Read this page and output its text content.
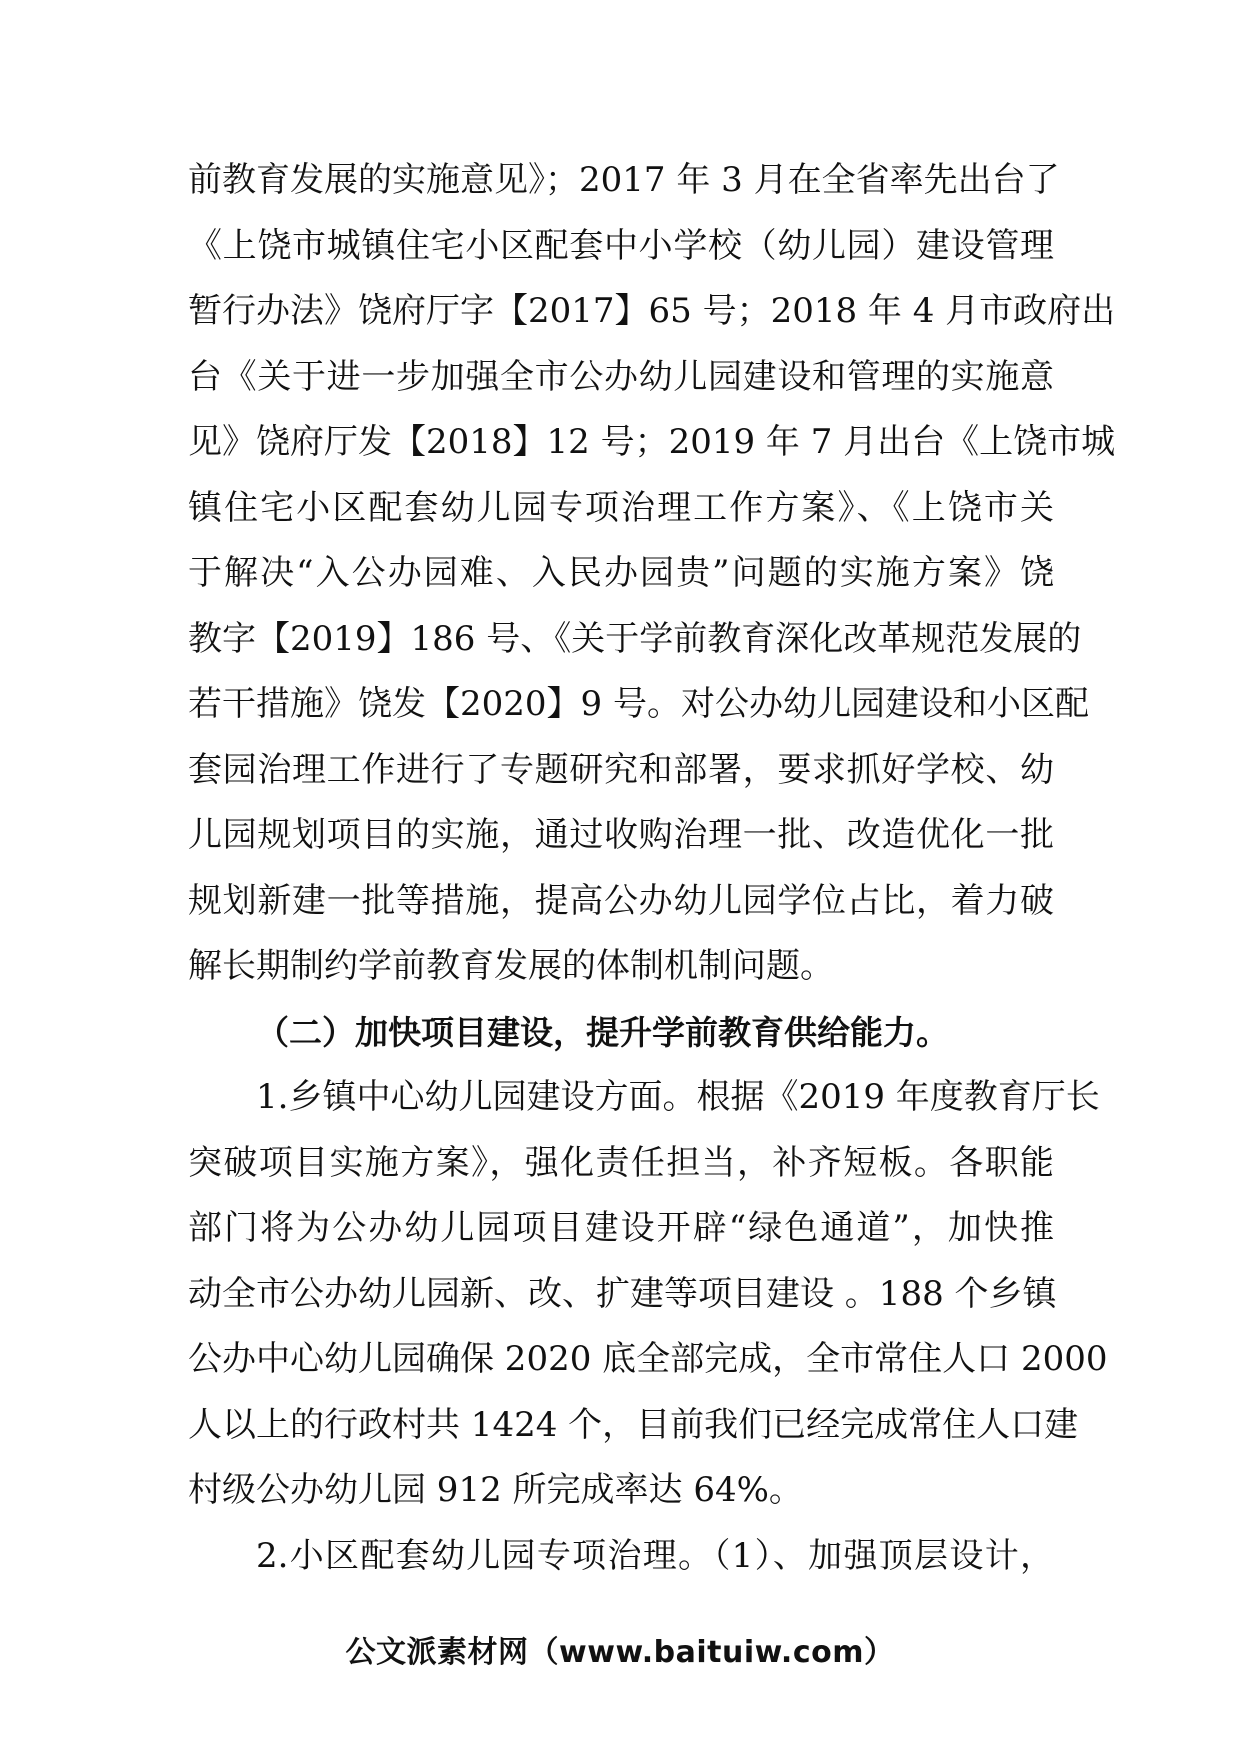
前教育发展的实施意见》；2017 年 3 月在全省率先出台了
《上饶市城镇住宅小区配套中小学校（幼儿园）建设管理
暂行办法》饶府厅字【2017】65 号；2018 年 4 月市政府出
台《关于进一步加强全市公办幼儿园建设和管理的实施意
见》饶府厅发【2018】12 号；2019 年 7 月出台《上饶市城
镇住宅小区配套幼儿园专项治理工作方案》、《上饶市关
于解决“入公办园难、入民办园贵”问题的实施方案》饶
教字【2019】186 号、《关于学前教育深化改革规范发展的
若干措施》饶发【2020】9 号。对公办幼儿园建设和小区配
套园治理工作进行了专题研究和部署，要求抓好学校、幼
儿园规划项目的实施，通过收购治理一批、改造优化一批
规划新建一批等措施，提高公办幼儿园学位占比，着力破
解长期制约学前教育发展的体制机制问题。
（二）加快项目建设，提升学前教育供给能力。
1.乡镇中心幼儿园建设方面。根据《2019 年度教育厅长
突破项目实施方案》，强化责任担当，补齐短板。各职能
部门将为公办幼儿园项目建设开辟“绿色通道”，加快推
动全市公办幼儿园新、改、扩建等项目建设 。188 个乡镇
公办中心幼儿园确保 2020 底全部完成，全市常住人口 2000
人以上的行政村共 1424 个，目前我们已经完成常住人口建
村级公办幼儿园 912 所完成率达 64%。
2.小区配套幼儿园专项治理。（1）、加强顶层设计，
公文派素材网（www.baituiw.com）
